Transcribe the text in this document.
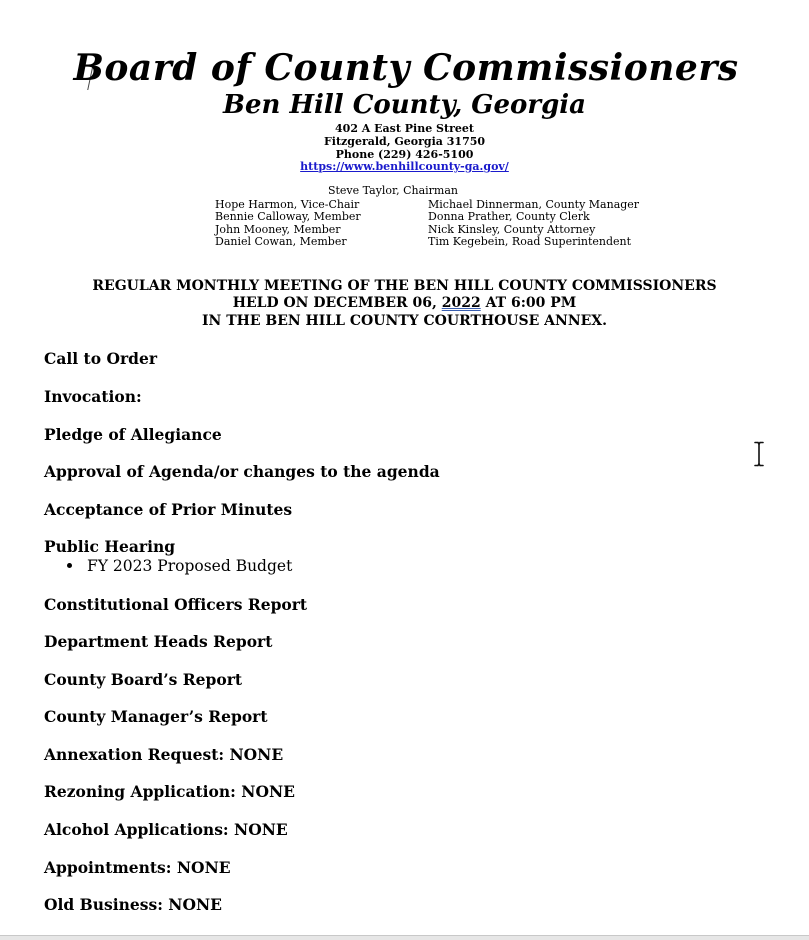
Board of County Commissioners
Ben Hill County, Georgia
402 A East Pine Street
Fitzgerald, Georgia 31750
Phone (229) 426-5100
https://www.benhillcounty-ga.gov/
Steve Taylor, Chairman
Hope Harmon, Vice-Chair
Bennie Calloway, Member
John Mooney, Member
Daniel Cowan, Member
Michael Dinnerman, County Manager
Donna Prather, County Clerk
Nick Kinsley, County Attorney
Tim Kegebein, Road Superintendent
REGULAR MONTHLY MEETING OF THE BEN HILL COUNTY COMMISSIONERS
HELD ON DECEMBER 06, 2022 AT 6:00 PM
IN THE BEN HILL COUNTY COURTHOUSE ANNEX.
Call to Order
Invocation:
Pledge of Allegiance
Approval of Agenda/or changes to the agenda
Acceptance of Prior Minutes
Public Hearing
FY 2023 Proposed Budget
Constitutional Officers Report
Department Heads Report
County Board’s Report
County Manager’s Report
Annexation Request: NONE
Rezoning Application: NONE
Alcohol Applications: NONE
Appointments: NONE
Old Business: NONE
